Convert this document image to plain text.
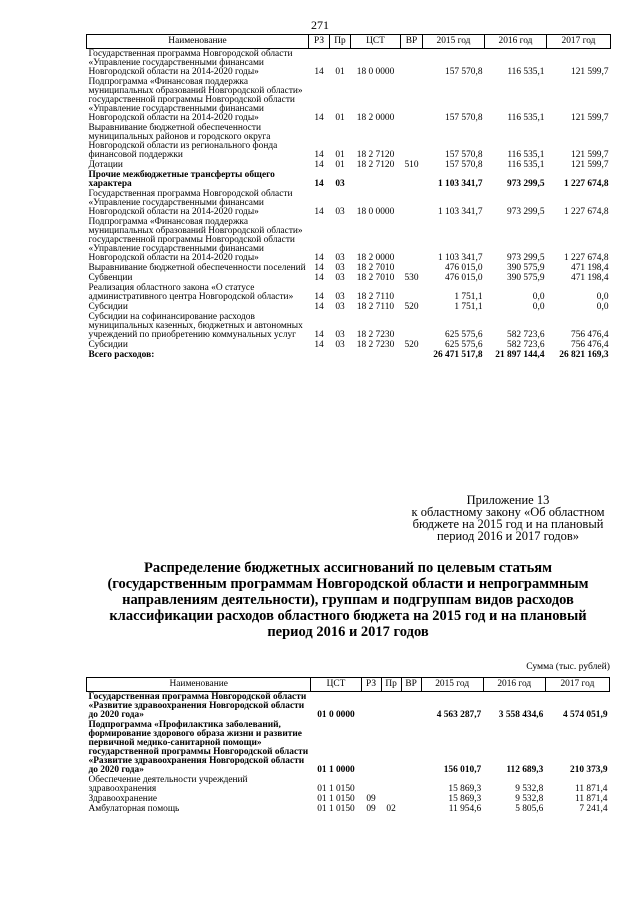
271
Наименование	РЗ	Пр	ЦСТ	ВР	2015 год	2016 год	2017 год
Государственная программа Новгородской области «Управление государственными финансами Новгородской области на 2014-2020 годы»	14	01	18 0 0000		157 570,8	116 535,1	121 599,7
Подпрограмма «Финансовая поддержка муниципальных образований Новгородской области» государственной программы Новгородской области «Управление государственными финансами Новгородской области на 2014-2020 годы»	14	01	18 2 0000		157 570,8	116 535,1	121 599,7
Выравнивание бюджетной обеспеченности муниципальных районов и городского округа Новгородской области из регионального фонда финансовой поддержки	14	01	18 2 7120		157 570,8	116 535,1	121 599,7
Дотации	14	01	18 2 7120	510	157 570,8	116 535,1	121 599,7
Прочие межбюджетные трансферты общего характера	14	03			1 103 341,7	973 299,5	1 227 674,8
Государственная программа Новгородской области «Управление государственными финансами Новгородской области на 2014-2020 годы»	14	03	18 0 0000		1 103 341,7	973 299,5	1 227 674,8
Подпрограмма «Финансовая поддержка муниципальных образований Новгородской области» государственной программы Новгородской области «Управление государственными финансами Новгородской области на 2014-2020 годы»	14	03	18 2 0000		1 103 341,7	973 299,5	1 227 674,8
Выравнивание бюджетной обеспеченности поселений	14	03	18 2 7010		476 015,0	390 575,9	471 198,4
Субвенции	14	03	18 2 7010	530	476 015,0	390 575,9	471 198,4
Реализация областного закона «О статусе административного центра Новгородской области»	14	03	18 2 7110		1 751,1	0,0	0,0
Субсидии	14	03	18 2 7110	520	1 751,1	0,0	0,0
Субсидии на софинансирование расходов муниципальных казенных, бюджетных и автономных учреждений по приобретению коммунальных услуг	14	03	18 2 7230		625 575,6	582 723,6	756 476,4
Субсидии	14	03	18 2 7230	520	625 575,6	582 723,6	756 476,4
Всего расходов:					26 471 517,8	21 897 144,4	26 821 169,3
Приложение 13
к областному закону «Об областном бюджете на 2015 год и на плановый период 2016 и 2017 годов»
Распределение бюджетных ассигнований по целевым статьям (государственным программам Новгородской области и непрограммным направлениям деятельности), группам и подгруппам видов расходов классификации расходов областного бюджета на 2015 год и на плановый период 2016 и 2017 годов
Сумма (тыс. рублей)
Наименование	ЦСТ	РЗ	Пр	ВР	2015 год	2016 год	2017 год
Государственная программа Новгородской области «Развитие здравоохранения Новгородской области до 2020 года»	01 0 0000				4 563 287,7	3 558 434,6	4 574 051,9
Подпрограмма «Профилактика заболеваний, формирование здорового образа жизни и развитие первичной медико-санитарной помощи» государственной программы Новгородской области «Развитие здравоохранения Новгородской области до 2020 года»	01 1 0000				156 010,7	112 689,3	210 373,9
Обеспечение деятельности учреждений здравоохранения	01 1 0150				15 869,3	9 532,8	11 871,4
Здравоохранение	01 1 0150	09			15 869,3	9 532,8	11 871,4
Амбулаторная помощь	01 1 0150	09	02		11 954,6	5 805,6	7 241,4
